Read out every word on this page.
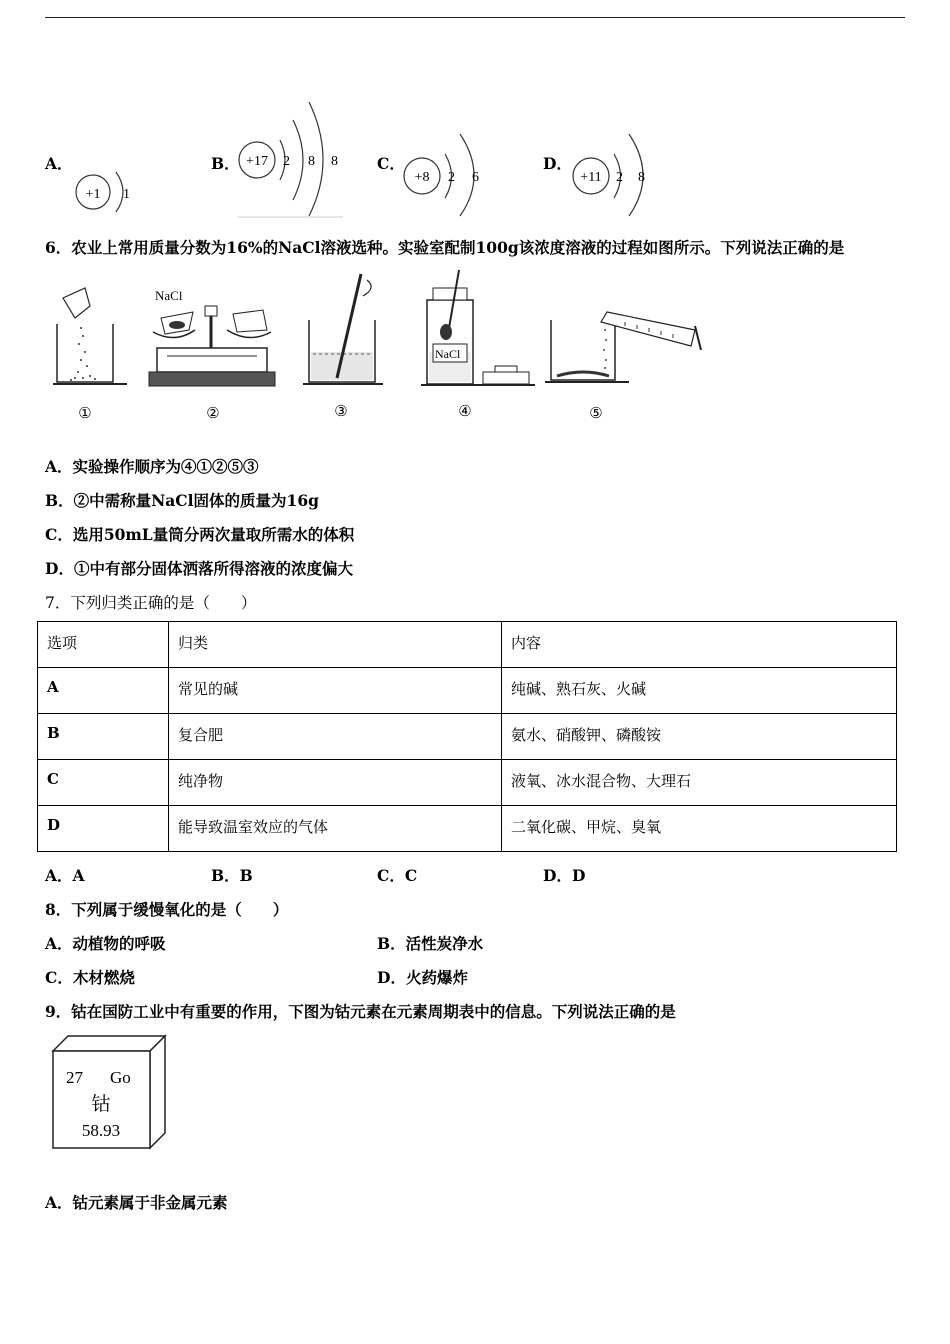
A．
+1 1
B． +17 2 8 8	C．
+8 2 6
D．
+11 2 8
6．农业上常用质量分数为16%的NaCl溶液选种。实验室配制100g该浓度溶液的过程如图所示。下列说法正确的是
NaCl
NaCl
①	②	③	④	⑤
A．实验操作顺序为④①②⑤③
B．②中需称量NaCl固体的质量为16g
C．选用50mL量筒分两次量取所需水的体积
D．①中有部分固体洒落所得溶液的浓度偏大
7．下列归类正确的是（　　）
选项	归类	内容
A	常见的碱	纯碱、熟石灰、火碱
B	复合肥	氨水、硝酸钾、磷酸铵
C	纯净物	液氧、冰水混合物、大理石
D	能导致温室效应的气体	二氧化碳、甲烷、臭氧
A．A	B．B	C．C	D．D
8．下列属于缓慢氧化的是（　　）
A．动植物的呼吸	B．活性炭净水
C．木材燃烧	D．火药爆炸
9．钴在国防工业中有重要的作用，下图为钴元素在元素周期表中的信息。下列说法正确的是
27 Go
钴
58.93
A．钴元素属于非金属元素
